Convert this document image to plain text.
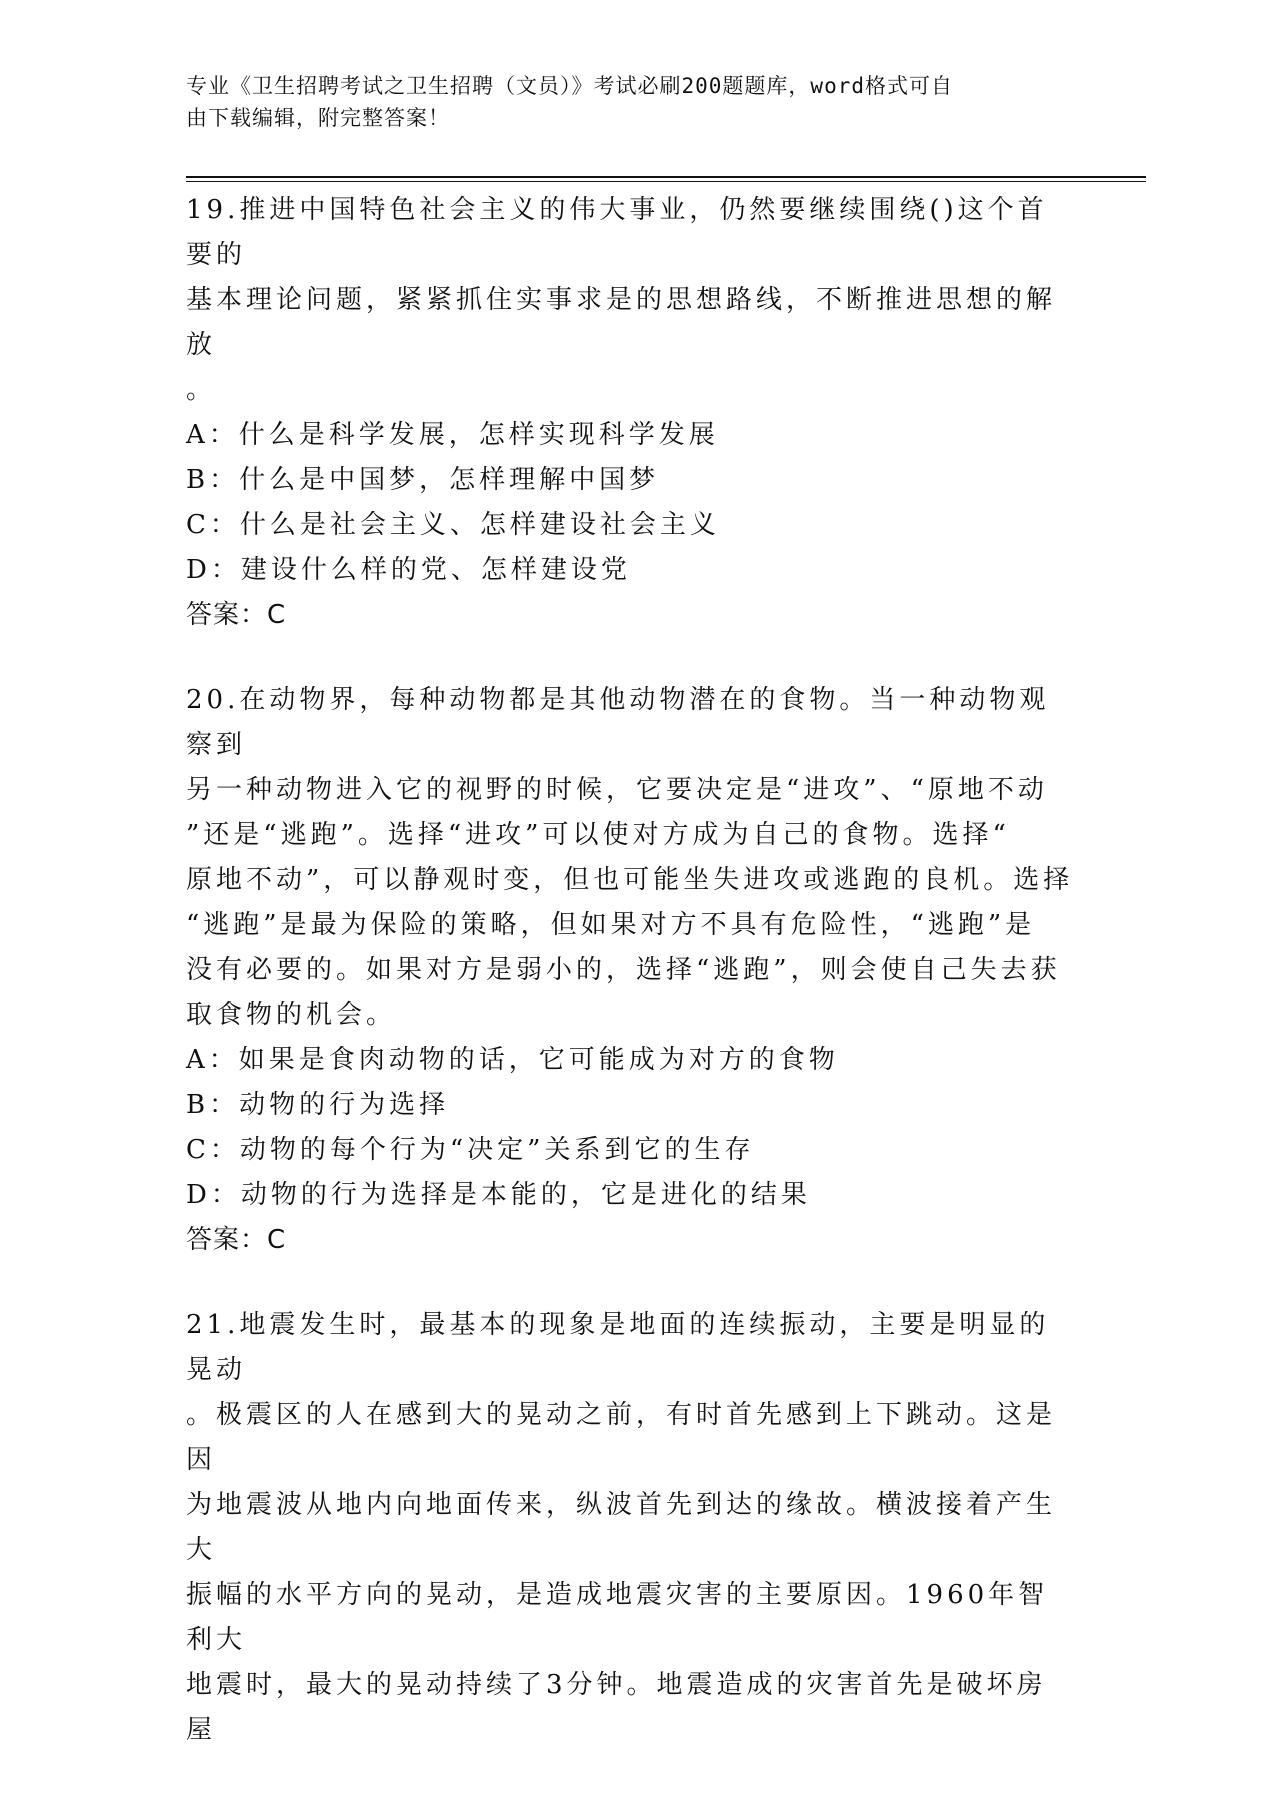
专业《卫生招聘考试之卫生招聘（文员）》考试必刷200题题库，word格式可自
由下载编辑，附完整答案！

19.推进中国特色社会主义的伟大事业，仍然要继续围绕()这个首要的

基本理论问题，紧紧抓住实事求是的思想路线，不断推进思想的解放

。

A：什么是科学发展，怎样实现科学发展

B：什么是中国梦，怎样理解中国梦

C：什么是社会主义、怎样建设社会主义

D：建设什么样的党、怎样建设党

答案：C

20.在动物界，每种动物都是其他动物潜在的食物。当一种动物观察到

另一种动物进入它的视野的时候，它要决定是“进攻”、“原地不动

”还是“逃跑”。选择“进攻”可以使对方成为自己的食物。选择“

原地不动”，可以静观时变，但也可能坐失进攻或逃跑的良机。选择

“逃跑”是最为保险的策略，但如果对方不具有危险性，“逃跑”是

没有必要的。如果对方是弱小的，选择“逃跑”，则会使自己失去获

取食物的机会。

A：如果是食肉动物的话，它可能成为对方的食物

B：动物的行为选择

C：动物的每个行为“决定”关系到它的生存

D：动物的行为选择是本能的，它是进化的结果

答案：C

21.地震发生时，最基本的现象是地面的连续振动，主要是明显的晃动

。极震区的人在感到大的晃动之前，有时首先感到上下跳动。这是因

为地震波从地内向地面传来，纵波首先到达的缘故。横波接着产生大

振幅的水平方向的晃动，是造成地震灾害的主要原因。1960年智利大

地震时，最大的晃动持续了3分钟。地震造成的灾害首先是破坏房屋
